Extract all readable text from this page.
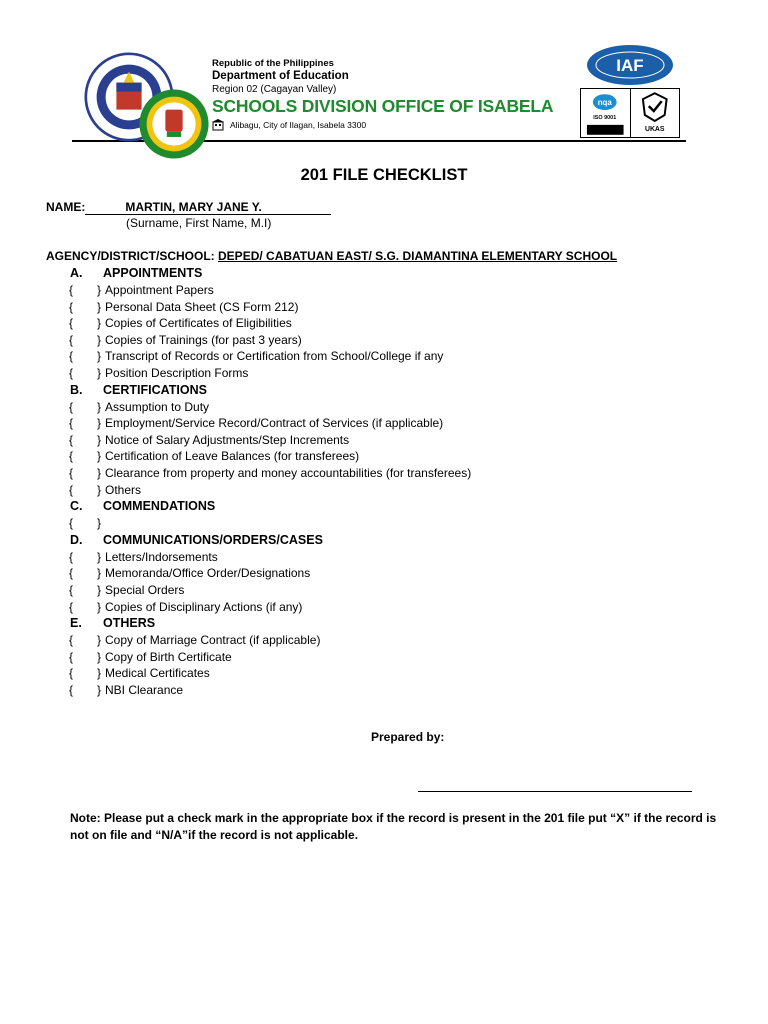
Republic of the Philippines
Department of Education
Region 02 (Cagayan Valley)
SCHOOLS DIVISION OFFICE OF ISABELA
Alibagu, City of Ilagan, Isabela 3300
IAF
nqa
ISO 9001
UKAS
201 FILE CHECKLIST
NAME:	MARTIN, MARY JANE Y.
(Surname, First Name, M.I)
AGENCY/DISTRICT/SCHOOL: DEPED/ CABATUAN EAST/ S.G. DIAMANTINA ELEMENTARY SCHOOL
A.	APPOINTMENTS
{	} Appointment Papers
{	} Personal Data Sheet (CS Form 212)
{	} Copies of Certificates of Eligibilities
{	} Copies of Trainings (for past 3 years)
{	} Transcript of Records or Certification from School/College if any
{	} Position Description Forms
B.	CERTIFICATIONS
{	} Assumption to Duty
{	} Employment/Service Record/Contract of Services (if applicable)
{	} Notice of Salary Adjustments/Step Increments
{	} Certification of Leave Balances (for transferees)
{	} Clearance from property and money accountabilities (for transferees)
{	} Others
C.	COMMENDATIONS
{	}
D.	COMMUNICATIONS/ORDERS/CASES
{	} Letters/Indorsements
{	} Memoranda/Office Order/Designations
{	} Special Orders
{	} Copies of Disciplinary Actions (if any)
E.	OTHERS
{	} Copy of Marriage Contract (if applicable)
{	} Copy of Birth Certificate
{	} Medical Certificates
{	} NBI Clearance
Prepared by:
Note: Please put a check mark in the appropriate box if the record is present in the 201 file put “X” if the record is not on file and “N/A”if the record is not applicable.
